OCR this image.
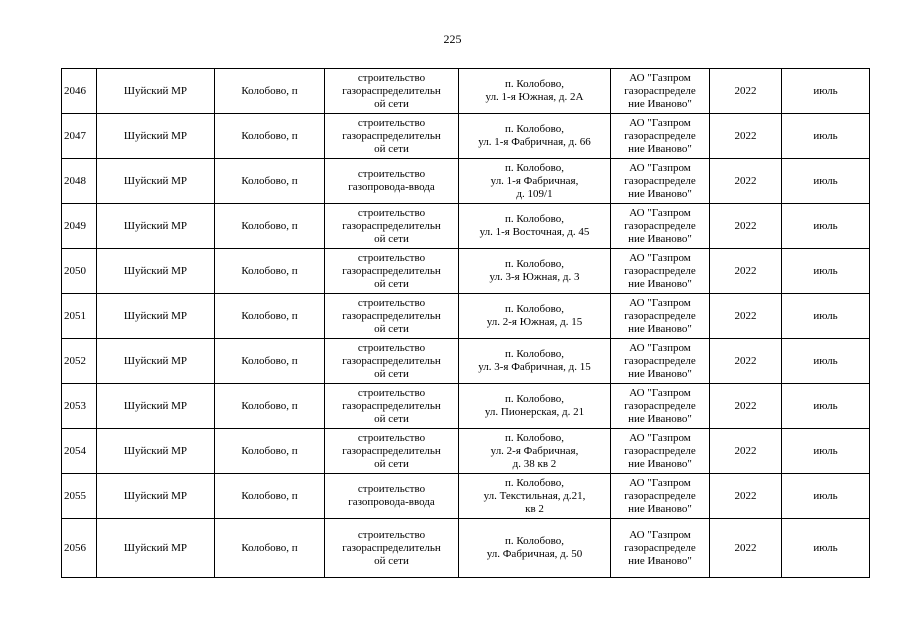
225
2046	Шуйский МР	Колобово, п	строительство
газораспределительн
ой сети	п. Колобово,
ул. 1-я Южная, д. 2А	АО "Газпром
газораспределе
ние Иваново"	2022	июль
2047	Шуйский МР	Колобово, п	строительство
газораспределительн
ой сети	п. Колобово,
ул. 1-я Фабричная, д. 66	АО "Газпром
газораспределе
ние Иваново"	2022	июль
2048	Шуйский МР	Колобово, п	строительство
газопровода-ввода	п. Колобово,
ул. 1-я Фабричная,
д. 109/1	АО "Газпром
газораспределе
ние Иваново"	2022	июль
2049	Шуйский МР	Колобово, п	строительство
газораспределительн
ой сети	п. Колобово,
ул. 1-я Восточная, д. 45	АО "Газпром
газораспределе
ние Иваново"	2022	июль
2050	Шуйский МР	Колобово, п	строительство
газораспределительн
ой сети	п. Колобово,
ул. 3-я Южная, д. 3	АО "Газпром
газораспределе
ние Иваново"	2022	июль
2051	Шуйский МР	Колобово, п	строительство
газораспределительн
ой сети	п. Колобово,
ул. 2-я Южная, д. 15	АО "Газпром
газораспределе
ние Иваново"	2022	июль
2052	Шуйский МР	Колобово, п	строительство
газораспределительн
ой сети	п. Колобово,
ул. 3-я Фабричная, д. 15	АО "Газпром
газораспределе
ние Иваново"	2022	июль
2053	Шуйский МР	Колобово, п	строительство
газораспределительн
ой сети	п. Колобово,
ул. Пионерская, д. 21	АО "Газпром
газораспределе
ние Иваново"	2022	июль
2054	Шуйский МР	Колобово, п	строительство
газораспределительн
ой сети	п. Колобово,
ул. 2-я Фабричная,
д. 38 кв 2	АО "Газпром
газораспределе
ние Иваново"	2022	июль
2055	Шуйский МР	Колобово, п	строительство
газопровода-ввода	п. Колобово,
ул. Текстильная, д.21,
кв 2	АО "Газпром
газораспределе
ние Иваново"	2022	июль
2056	Шуйский МР	Колобово, п	строительство
газораспределительн
ой сети	п. Колобово,
ул. Фабричная, д. 50	АО "Газпром
газораспределе
ние Иваново"	2022	июль
